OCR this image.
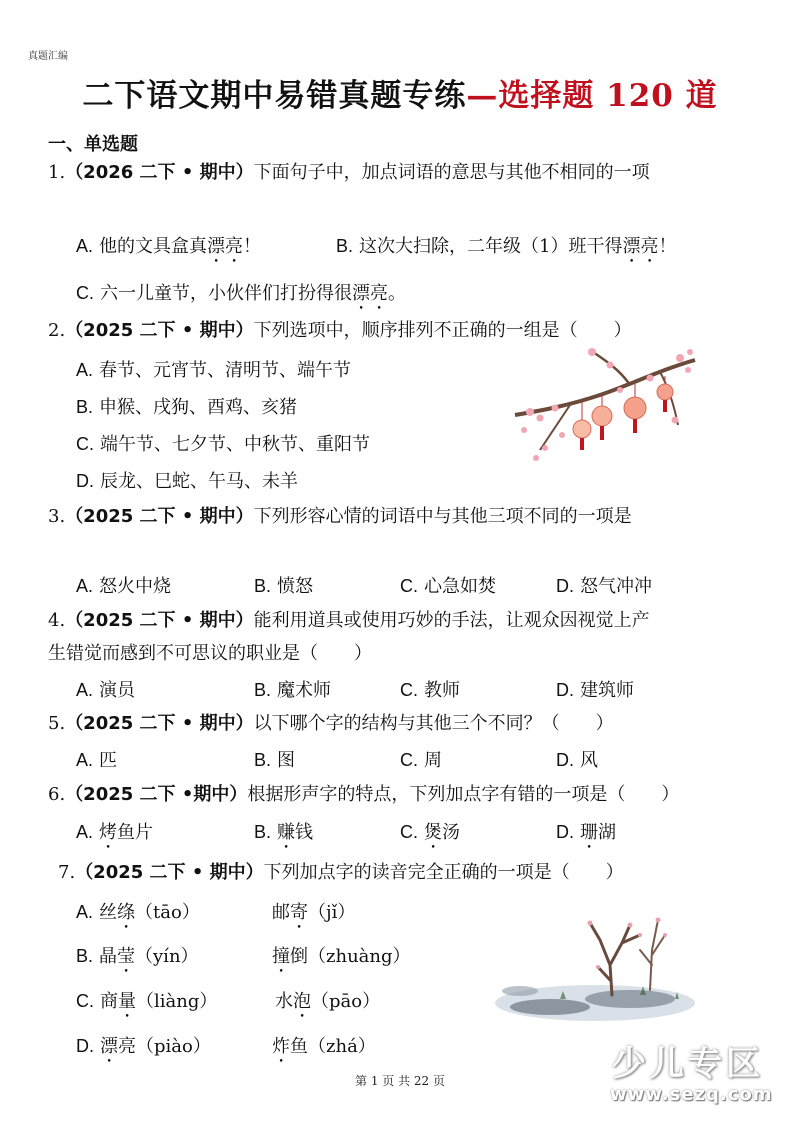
真题汇编
二下语文期中易错真题专练—选择题 120 道
一、单选题
1.（2026 二下 • 期中）下面句子中，加点词语的意思与其他不相同的一项
A. 他的文具盒真漂亮！	B. 这次大扫除，二年级（1）班干得漂亮！
C. 六一儿童节，小伙伴们打扮得很漂亮。
2.（2025 二下 • 期中）下列选项中，顺序排列不正确的一组是（　　）
A. 春节、元宵节、清明节、端午节
B. 申猴、戌狗、酉鸡、亥猪
C. 端午节、七夕节、中秋节、重阳节
D. 辰龙、巳蛇、午马、未羊
3.（2025 二下 • 期中）下列形容心情的词语中与其他三项不同的一项是
A. 怒火中烧	B. 愤怒	C. 心急如焚	D. 怒气冲冲
4.（2025 二下 • 期中）能利用道具或使用巧妙的手法，让观众因视觉上产
生错觉而感到不可思议的职业是（　　）
A. 演员	B. 魔术师	C. 教师	D. 建筑师
5.（2025 二下 • 期中）以下哪个字的结构与其他三个不同？（　　）
A. 匹	B. 图	C. 周	D. 风
6.（2025 二下 •期中）根据形声字的特点，下列加点字有错的一项是（　　）
A. 烤鱼片	B. 赚钱	C. 煲汤	D. 珊湖
7.（2025 二下 • 期中）下列加点字的读音完全正确的一项是（　　）
A. 丝绦（tāo）	邮寄（jǐ）
B. 晶莹（yín）	撞倒（zhuàng）
C. 商量（liàng）	水泡（pāo）
D. 漂亮（piào）	炸鱼（zhá）
第 1 页 共 22 页	少儿专区
www.sezq.com
